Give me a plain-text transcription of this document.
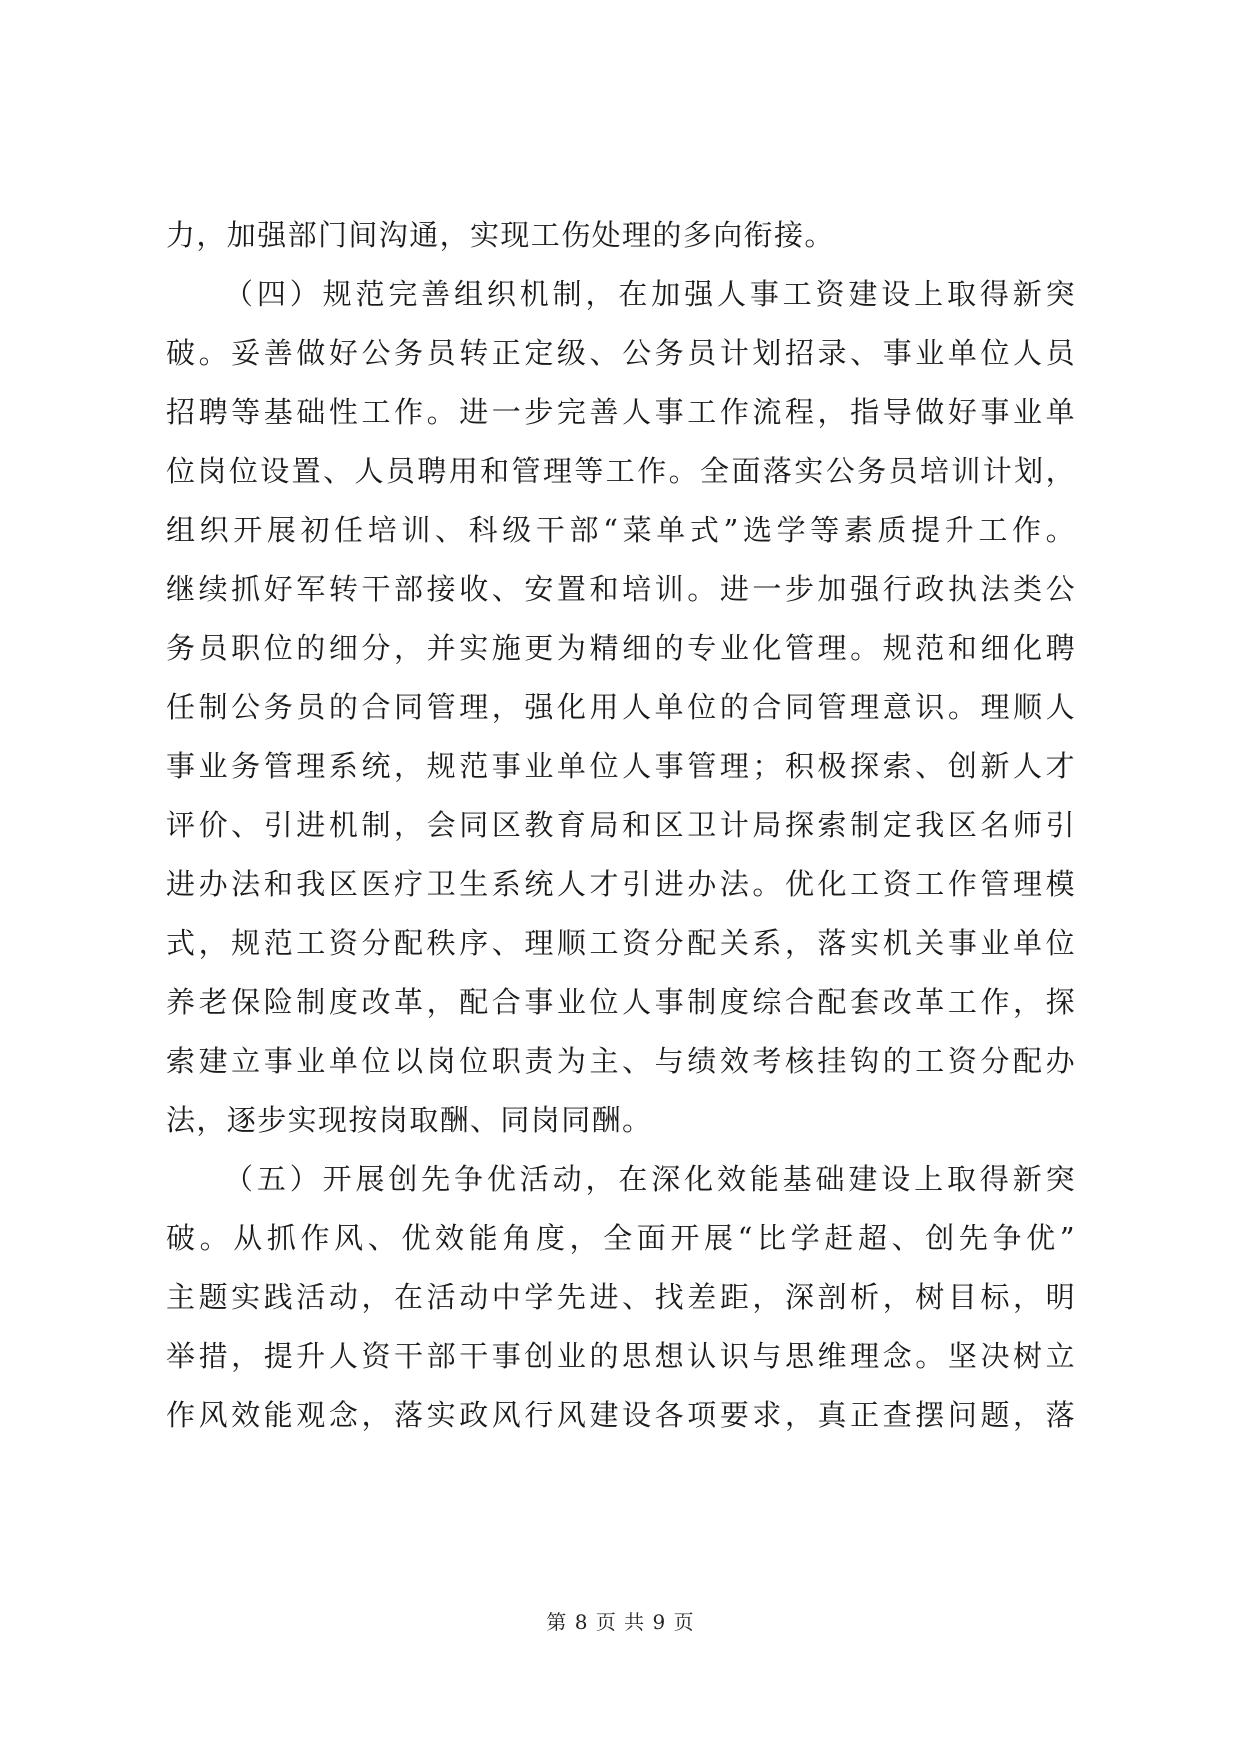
力，加强部门间沟通，实现工伤处理的多向衔接。
（四）规范完善组织机制，在加强人事工资建设上取得新突
破。妥善做好公务员转正定级、公务员计划招录、事业单位人员
招聘等基础性工作。进一步完善人事工作流程，指导做好事业单
位岗位设置、人员聘用和管理等工作。全面落实公务员培训计划，
组织开展初任培训、科级干部“菜单式”选学等素质提升工作。
继续抓好军转干部接收、安置和培训。进一步加强行政执法类公
务员职位的细分，并实施更为精细的专业化管理。规范和细化聘
任制公务员的合同管理，强化用人单位的合同管理意识。理顺人
事业务管理系统，规范事业单位人事管理；积极探索、创新人才
评价、引进机制，会同区教育局和区卫计局探索制定我区名师引
进办法和我区医疗卫生系统人才引进办法。优化工资工作管理模
式，规范工资分配秩序、理顺工资分配关系，落实机关事业单位
养老保险制度改革，配合事业位人事制度综合配套改革工作，探
索建立事业单位以岗位职责为主、与绩效考核挂钩的工资分配办
法，逐步实现按岗取酬、同岗同酬。
（五）开展创先争优活动，在深化效能基础建设上取得新突
破。从抓作风、优效能角度，全面开展“比学赶超、创先争优”
主题实践活动，在活动中学先进、找差距，深剖析，树目标，明
举措，提升人资干部干事创业的思想认识与思维理念。坚决树立
作风效能观念，落实政风行风建设各项要求，真正查摆问题，落
第 8 页 共 9 页
